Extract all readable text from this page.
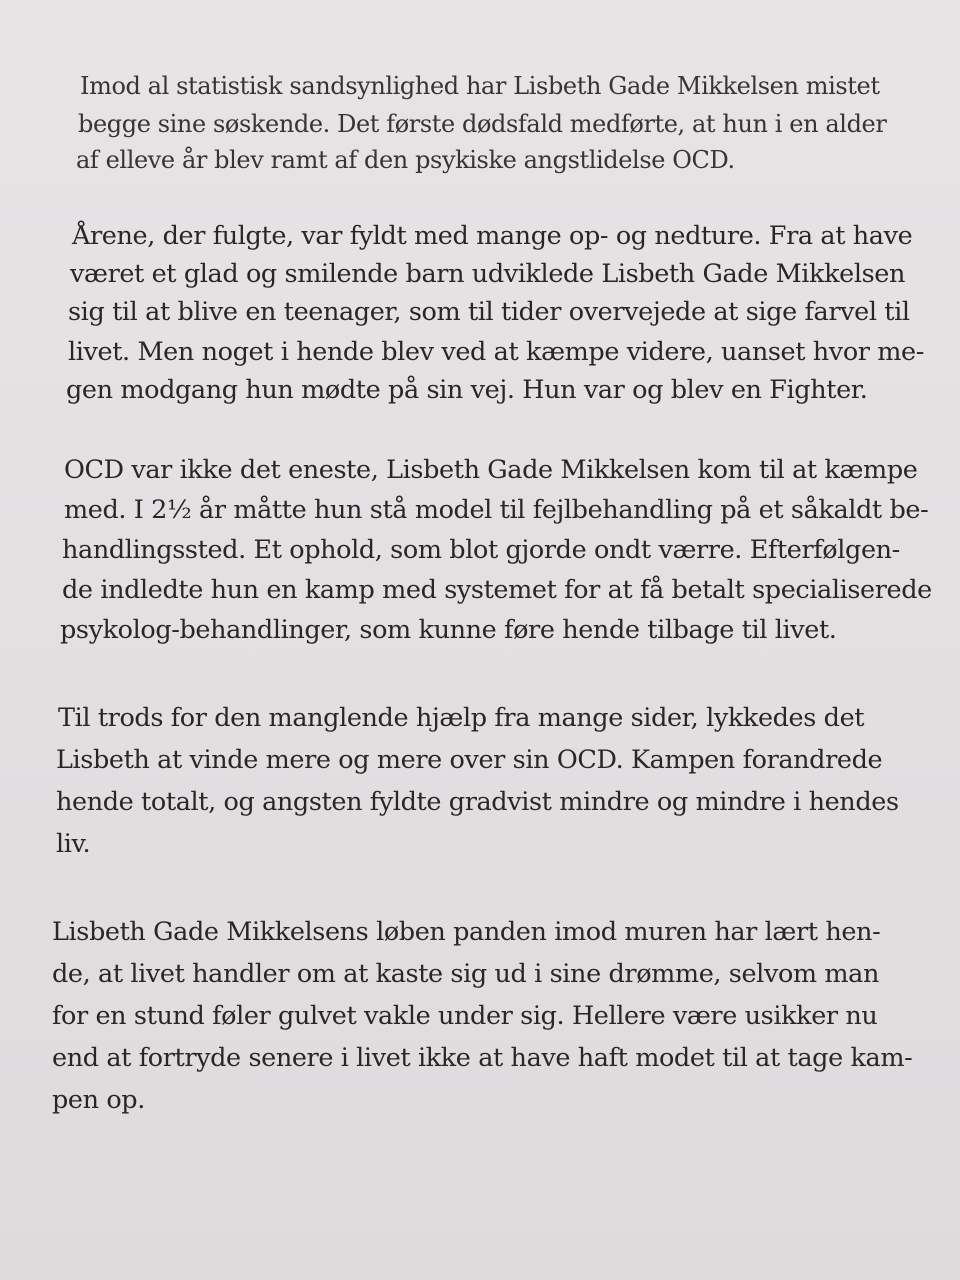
Imod al statistisk sandsynlighed har Lisbeth Gade Mikkelsen mistet
begge sine søskende. Det første dødsfald medførte, at hun i en alder
af elleve år blev ramt af den psykiske angstlidelse OCD.
Årene, der fulgte, var fyldt med mange op- og nedture. Fra at have
været et glad og smilende barn udviklede Lisbeth Gade Mikkelsen
sig til at blive en teenager, som til tider overvejede at sige farvel til
livet. Men noget i hende blev ved at kæmpe videre, uanset hvor me-
gen modgang hun mødte på sin vej. Hun var og blev en Fighter.
OCD var ikke det eneste, Lisbeth Gade Mikkelsen kom til at kæmpe
med. I 2½ år måtte hun stå model til fejlbehandling på et såkaldt be-
handlingssted. Et ophold, som blot gjorde ondt værre. Efterfølgen-
de indledte hun en kamp med systemet for at få betalt specialiserede
psykolog-behandlinger, som kunne føre hende tilbage til livet.
Til trods for den manglende hjælp fra mange sider, lykkedes det
Lisbeth at vinde mere og mere over sin OCD. Kampen forandrede
hende totalt, og angsten fyldte gradvist mindre og mindre i hendes
liv.
Lisbeth Gade Mikkelsens løben panden imod muren har lært hen-
de, at livet handler om at kaste sig ud i sine drømme, selvom man
for en stund føler gulvet vakle under sig. Hellere være usikker nu
end at fortryde senere i livet ikke at have haft modet til at tage kam-
pen op.
